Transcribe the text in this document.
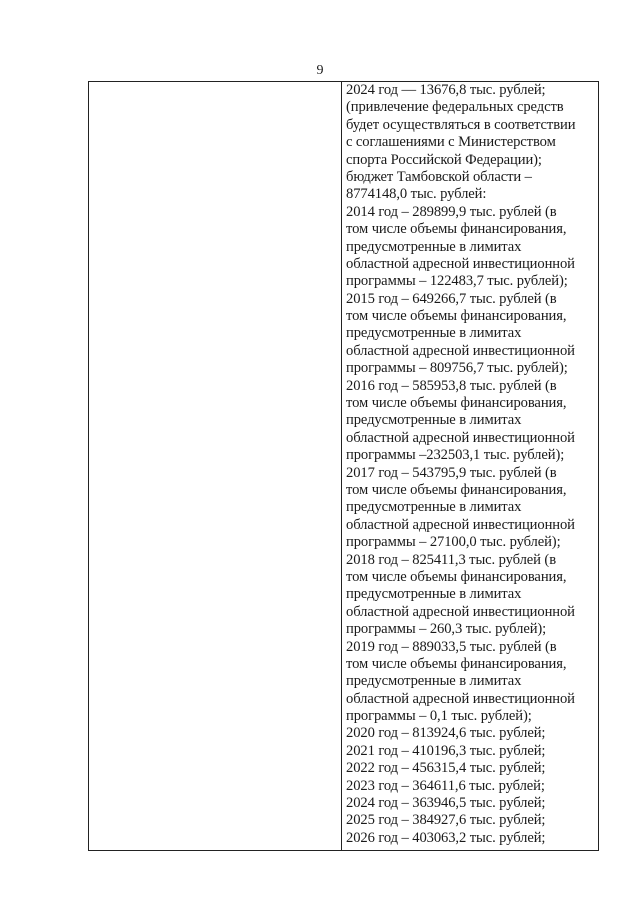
9
2024 год — 13676,8 тыс. рублей;
(привлечение федеральных средств
будет осуществляться в соответствии
с соглашениями с Министерством
спорта Российской Федерации);
бюджет Тамбовской области –
8774148,0 тыс. рублей:
2014 год – 289899,9 тыс. рублей (в
том числе объемы финансирования,
предусмотренные в лимитах
областной адресной инвестиционной
программы – 122483,7 тыс. рублей);
2015 год – 649266,7 тыс. рублей (в
том числе объемы финансирования,
предусмотренные в лимитах
областной адресной инвестиционной
программы – 809756,7 тыс. рублей);
2016 год – 585953,8 тыс. рублей (в
том числе объемы финансирования,
предусмотренные в лимитах
областной адресной инвестиционной
программы –232503,1 тыс. рублей);
2017 год – 543795,9 тыс. рублей (в
том числе объемы финансирования,
предусмотренные в лимитах
областной адресной инвестиционной
программы – 27100,0 тыс. рублей);
2018 год – 825411,3 тыс. рублей (в
том числе объемы финансирования,
предусмотренные в лимитах
областной адресной инвестиционной
программы – 260,3 тыс. рублей);
2019 год – 889033,5 тыс. рублей (в
том числе объемы финансирования,
предусмотренные в лимитах
областной адресной инвестиционной
программы – 0,1 тыс. рублей);
2020 год – 813924,6 тыс. рублей;
2021 год – 410196,3 тыс. рублей;
2022 год – 456315,4 тыс. рублей;
2023 год – 364611,6 тыс. рублей;
2024 год – 363946,5 тыс. рублей;
2025 год – 384927,6 тыс. рублей;
2026 год – 403063,2 тыс. рублей;
